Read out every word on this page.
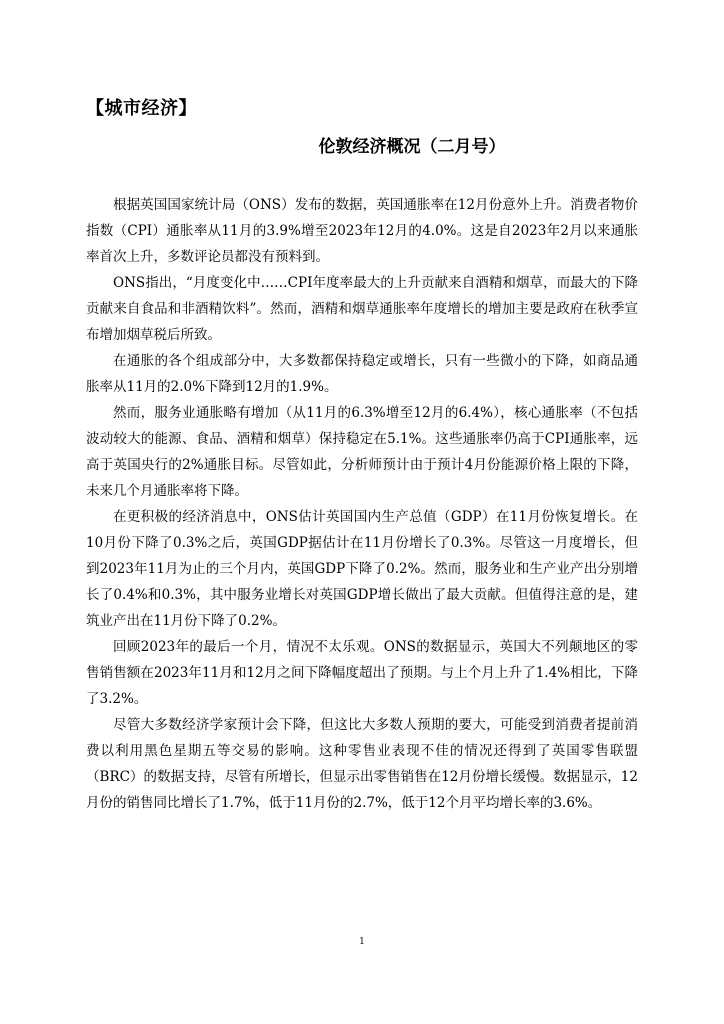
【城市经济】
伦敦经济概况（二月号）

根据英国国家统计局（ONS）发布的数据，英国通胀率在12月份意外上升。消费者物价指数（CPI）通胀率从11月的3.9%增至2023年12月的4.0%。这是自2023年2月以来通胀率首次上升，多数评论员都没有预料到。

ONS指出，“月度变化中……CPI年度率最大的上升贡献来自酒精和烟草，而最大的下降贡献来自食品和非酒精饮料”。然而，酒精和烟草通胀率年度增长的增加主要是政府在秋季宣布增加烟草税后所致。

在通胀的各个组成部分中，大多数都保持稳定或增长，只有一些微小的下降，如商品通胀率从11月的2.0%下降到12月的1.9%。

然而，服务业通胀略有增加（从11月的6.3%增至12月的6.4%），核心通胀率（不包括波动较大的能源、食品、酒精和烟草）保持稳定在5.1%。这些通胀率仍高于CPI通胀率，远高于英国央行的2%通胀目标。尽管如此，分析师预计由于预计4月份能源价格上限的下降，未来几个月通胀率将下降。

在更积极的经济消息中，ONS估计英国国内生产总值（GDP）在11月份恢复增长。在10月份下降了0.3%之后，英国GDP据估计在11月份增长了0.3%。尽管这一月度增长，但到2023年11月为止的三个月内，英国GDP下降了0.2%。然而，服务业和生产业产出分别增长了0.4%和0.3%，其中服务业增长对英国GDP增长做出了最大贡献。但值得注意的是，建筑业产出在11月份下降了0.2%。

回顾2023年的最后一个月，情况不太乐观。ONS的数据显示，英国大不列颠地区的零售销售额在2023年11月和12月之间下降幅度超出了预期。与上个月上升了1.4%相比，下降了3.2%。

尽管大多数经济学家预计会下降，但这比大多数人预期的要大，可能受到消费者提前消费以利用黑色星期五等交易的影响。这种零售业表现不佳的情况还得到了英国零售联盟（BRC）的数据支持，尽管有所增长，但显示出零售销售在12月份增长缓慢。数据显示，12月份的销售同比增长了1.7%，低于11月份的2.7%，低于12个月平均增长率的3.6%。

1
